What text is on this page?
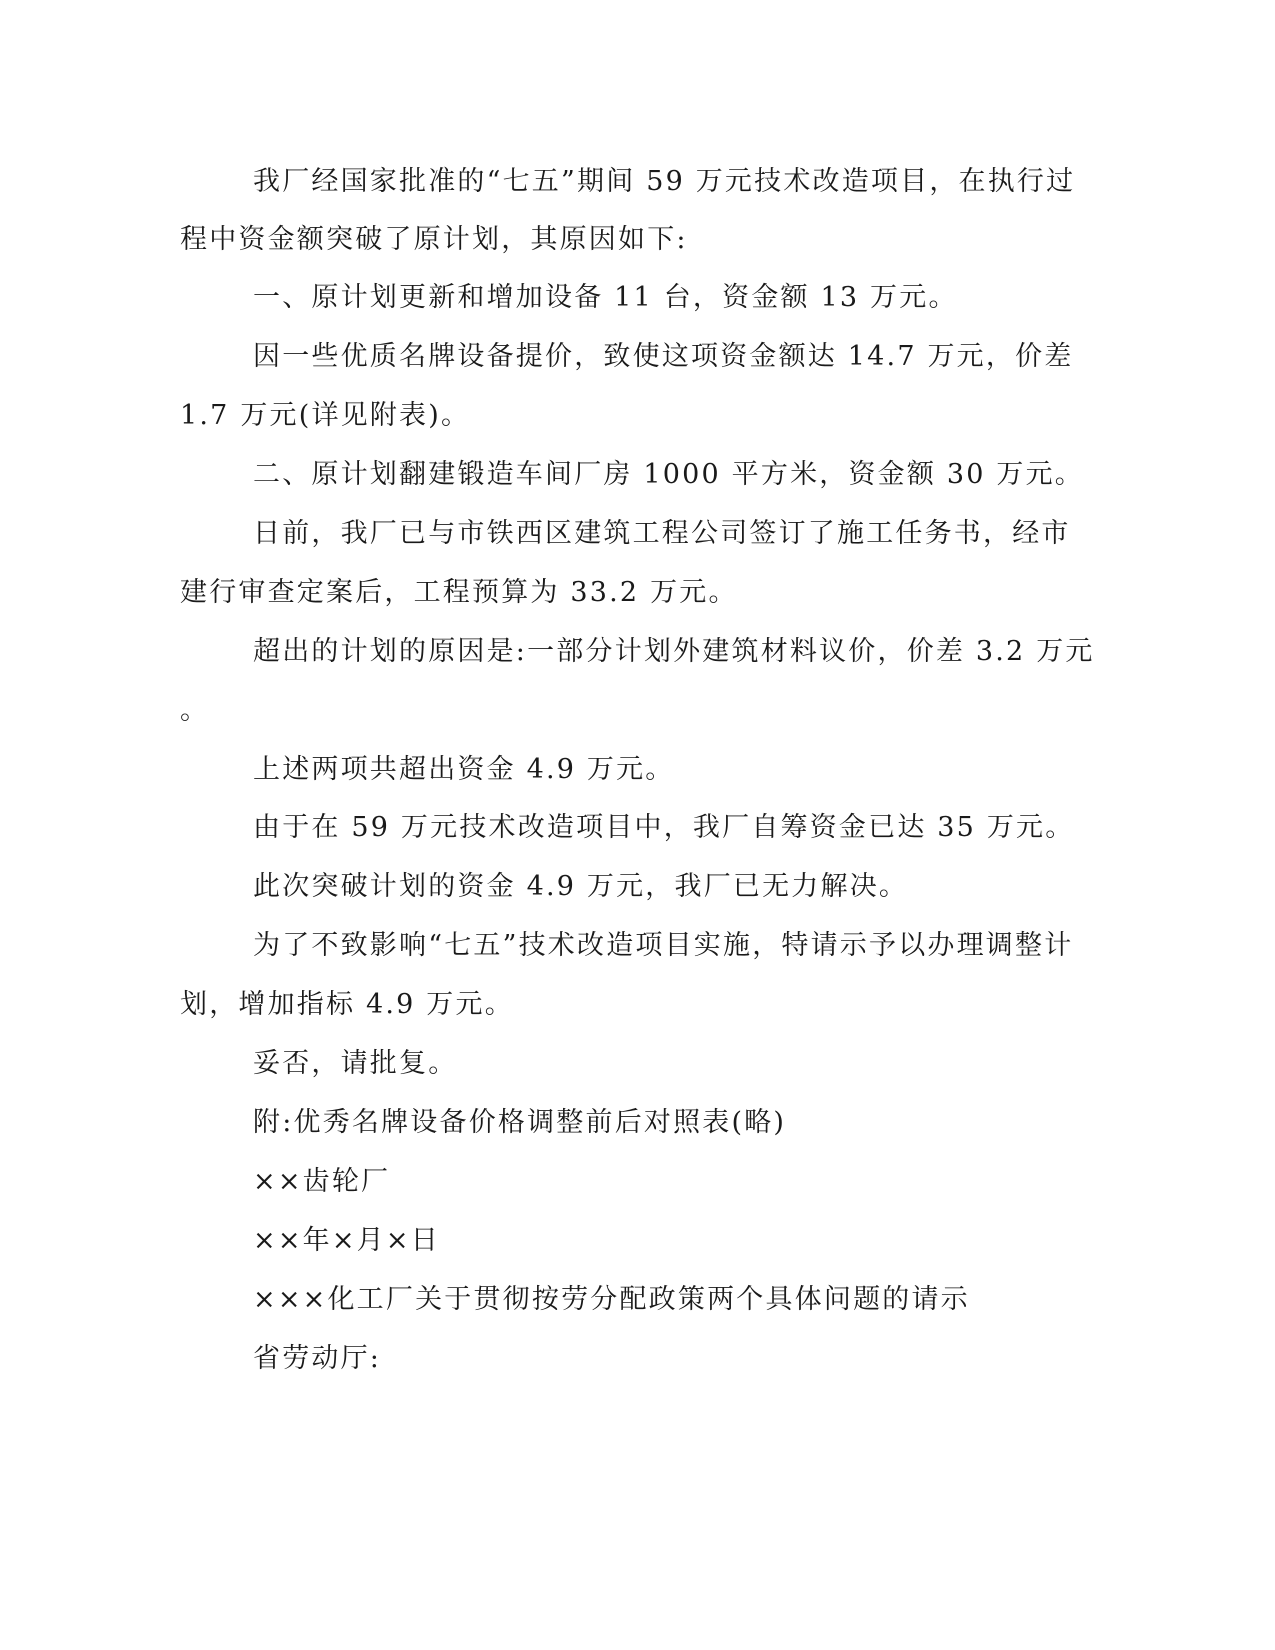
我厂经国家批准的“七五”期间 59 万元技术改造项目，在执行过
程中资金额突破了原计划，其原因如下:
一、原计划更新和增加设备 11 台，资金额 13 万元。
因一些优质名牌设备提价，致使这项资金额达 14.7 万元，价差
1.7 万元(详见附表)。
二、原计划翻建锻造车间厂房 1000 平方米，资金额 30 万元。
日前，我厂已与市铁西区建筑工程公司签订了施工任务书，经市
建行审查定案后，工程预算为 33.2 万元。
超出的计划的原因是:一部分计划外建筑材料议价，价差 3.2 万元
。
上述两项共超出资金 4.9 万元。
由于在 59 万元技术改造项目中，我厂自筹资金已达 35 万元。
此次突破计划的资金 4.9 万元，我厂已无力解决。
为了不致影响“七五”技术改造项目实施，特请示予以办理调整计
划，增加指标 4.9 万元。
妥否，请批复。
附:优秀名牌设备价格调整前后对照表(略)
××齿轮厂
××年×月×日
×××化工厂关于贯彻按劳分配政策两个具体问题的请示
省劳动厅:
